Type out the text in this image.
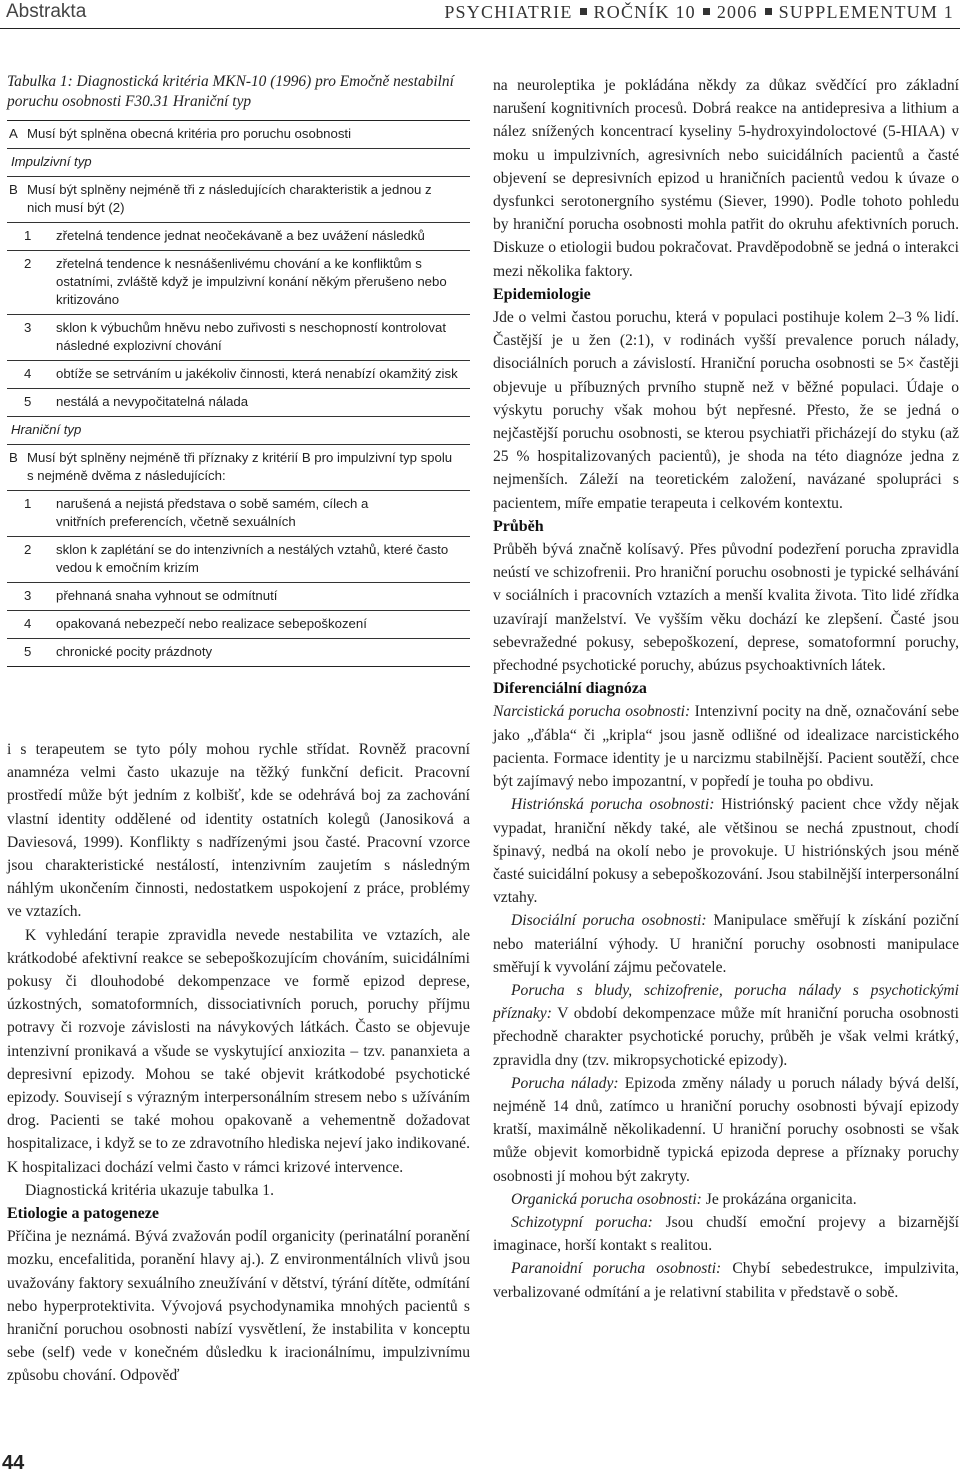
Abstrakta	PSYCHIATRIE ROČNÍK 10 2006 SUPPLEMENTUM 1

Tabulka 1: Diagnostická kritéria MKN-10 (1996) pro Emočně nestabilní poruchu osobnosti F30.31 Hraniční typ

A Musí být splněna obecná kritéria pro poruchu osobnosti
Impulzivní typ
B Musí být splněny nejméně tři z následujících charakteristik a jednou z nich musí být (2)
1	zřetelná tendence jednat neočekávaně a bez uvážení následků
2	zřetelná tendence k nesnášenlivému chování a ke konfliktům s ostatními, zvláště když je impulzivní konání někým přerušeno nebo kritizováno
3	sklon k výbuchům hněvu nebo zuřivosti s neschopností kontrolovat následné explozivní chování
4	obtíže se setrváním u jakékoliv činnosti, která nenabízí okamžitý zisk
5	nestálá a nevypočitatelná nálada
Hraniční typ
B Musí být splněny nejméně tři příznaky z kritérií B pro impulzivní typ spolu s nejméně dvěma z následujících:
1	narušená a nejistá představa o sobě samém, cílech a vnitřních preferencích, včetně sexuálních
2	sklon k zaplétání se do intenzivních a nestálých vztahů, které často vedou k emočním krizím
3	přehnaná snaha vyhnout se odmítnutí
4	opakovaná nebezpečí nebo realizace sebepoškození
5	chronické pocity prázdnoty

i s terapeutem se tyto póly mohou rychle střídat. Rovněž pracovní anamnéza velmi často ukazuje na těžký funkční deficit. Pracovní prostředí může být jedním z kolbišť, kde se odehrává boj za zachování vlastní identity oddělené od identity ostatních kolegů (Janosiková a Daviesová, 1999). Konflikty s nadřízenými jsou časté. Pracovní vzorce jsou charakteristické nestálostí, intenzivním zaujetím s následným náhlým ukončením činnosti, nedostatkem uspokojení z práce, problémy ve vztazích.

K vyhledání terapie zpravidla nevede nestabilita ve vztazích, ale krátkodobé afektivní reakce se sebepoškozujícím chováním, suicidálními pokusy či dlouhodobé dekompenzace ve formě epizod deprese, úzkostných, somatoformních, dissociativních poruch, poruchy příjmu potravy či rozvoje závislosti na návykových látkách. Často se objevuje intenzivní pronikavá a všude se vyskytující anxiozita – tzv. pananxieta a depresivní epizody. Mohou se také objevit krátkodobé psychotické epizody. Souvisejí s výrazným interpersonálním stresem nebo s užíváním drog. Pacienti se také mohou opakovaně a vehementně dožadovat hospitalizace, i když se to ze zdravotního hlediska nejeví jako indikované. K hospitalizaci dochází velmi často v rámci krizové intervence.

Diagnostická kritéria ukazuje tabulka 1.

Etiologie a patogeneze

Příčina je neznámá. Bývá zvažován podíl organicity (perinatální poranění mozku, encefalitida, poranění hlavy aj.). Z environmentálních vlivů jsou uvažovány faktory sexuálního zneužívání v dětství, týrání dítěte, odmítání nebo hyperprotektivita. Vývojová psychodynamika mnohých pacientů s hraniční poruchou osobnosti nabízí vysvětlení, že instabilita v konceptu sebe (self) vede v konečném důsledku k iracionálnímu, impulzivnímu způsobu chování. Odpověď

na neuroleptika je pokládána někdy za důkaz svědčící pro základní narušení kognitivních procesů. Dobrá reakce na antidepresiva a lithium a nález snížených koncentrací kyseliny 5-hydroxyindoloctové (5-HIAA) v moku u impulzivních, agresivních nebo suicidálních pacientů a časté objevení se depresivních epizod u hraničních pacientů vedou k úvaze o dysfunkci serotonergního systému (Siever, 1990). Podle tohoto pohledu by hraniční porucha osobnosti mohla patřit do okruhu afektivních poruch. Diskuze o etiologii budou pokračovat. Pravděpodobně se jedná o interakci mezi několika faktory.

Epidemiologie

Jde o velmi častou poruchu, která v populaci postihuje kolem 2–3 % lidí. Častější je u žen (2:1), v rodinách vyšší prevalence poruch nálady, disociálních poruch a závislostí. Hraniční porucha osobnosti se 5× častěji objevuje u příbuzných prvního stupně než v běžné populaci. Údaje o výskytu poruchy však mohou být nepřesné. Přesto, že se jedná o nejčastější poruchu osobnosti, se kterou psychiatři přicházejí do styku (až 25 % hospitalizovaných pacientů), je shoda na této diagnóze jedna z nejmenších. Záleží na teoretickém založení, navázané spolupráci s pacientem, míře empatie terapeuta i celkovém kontextu.

Průběh

Průběh bývá značně kolísavý. Přes původní podezření porucha zpravidla neústí ve schizofrenii. Pro hraniční poruchu osobnosti je typické selhávání v sociálních i pracovních vztazích a menší kvalita života. Tito lidé zřídka uzavírají manželství. Ve vyšším věku dochází ke zlepšení. Časté jsou sebevražedné pokusy, sebepoškození, deprese, somatoformní poruchy, přechodné psychotické poruchy, abúzus psychoaktivních látek.

Diferenciální diagnóza

Narcistická porucha osobnosti: Intenzivní pocity na dně, označování sebe jako „ďábla“ či „kripla“ jsou jasně odlišné od idealizace narcistického pacienta. Formace identity je u narcizmu stabilnější. Pacient soutěží, chce být zajímavý nebo impozantní, v popředí je touha po obdivu.

Histriónská porucha osobnosti: Histriónský pacient chce vždy nějak vypadat, hraniční někdy také, ale většinou se nechá zpustnout, chodí špinavý, nedbá na okolí nebo je provokuje. U histriónských jsou méně časté suicidální pokusy a sebepoškozování. Jsou stabilnější interpersonální vztahy.

Disociální porucha osobnosti: Manipulace směřují k získání poziční nebo materiální výhody. U hraniční poruchy osobnosti manipulace směřují k vyvolání zájmu pečovatele.

Porucha s bludy, schizofrenie, porucha nálady s psychotickými příznaky: V období dekompenzace může mít hraniční porucha osobnosti přechodně charakter psychotické poruchy, průběh je však velmi krátký, zpravidla dny (tzv. mikropsychotické epizody).

Porucha nálady: Epizoda změny nálady u poruch nálady bývá delší, nejméně 14 dnů, zatímco u hraniční poruchy osobnosti bývají epizody kratší, maximálně několikadenní. U hraniční poruchy osobnosti se však může objevit komorbidně typická epizoda deprese a příznaky poruchy osobnosti jí mohou být zakryty.

Organická porucha osobnosti: Je prokázána organicita.

Schizotypní porucha: Jsou chudší emoční projevy a bizarnější imaginace, horší kontakt s realitou.

Paranoidní porucha osobnosti: Chybí sebedestrukce, impulzivita, verbalizované odmítání a je relativní stabilita v představě o sobě.

44
